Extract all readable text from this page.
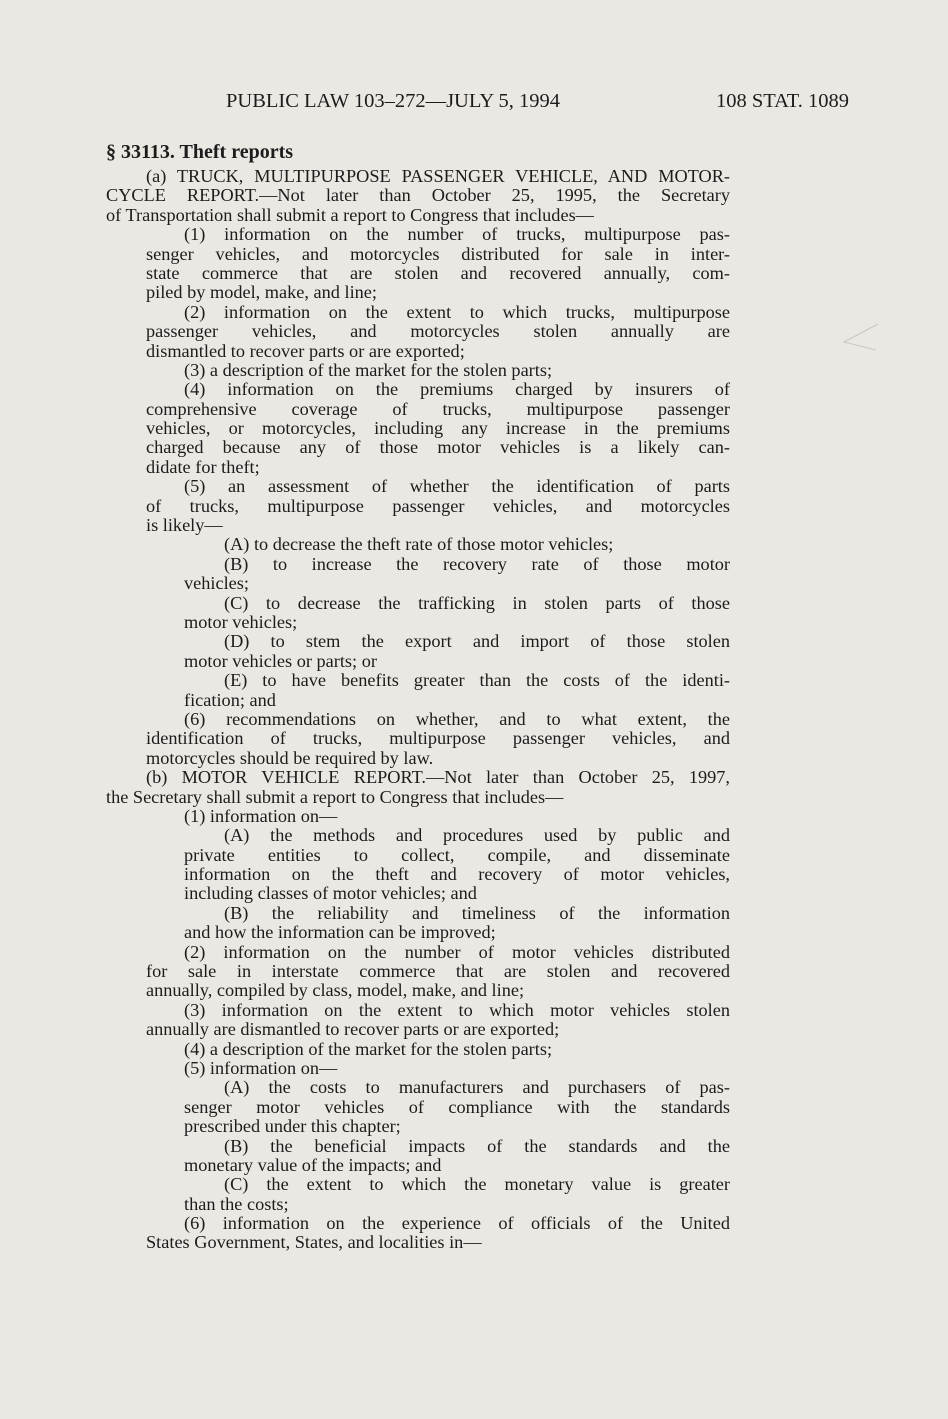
PUBLIC LAW 103–272—JULY 5, 1994	108 STAT. 1089
§ 33113. Theft reports
(a) TRUCK, MULTIPURPOSE PASSENGER VEHICLE, AND MOTOR-
CYCLE REPORT.—Not later than October 25, 1995, the Secretary
of Transportation shall submit a report to Congress that includes—
(1) information on the number of trucks, multipurpose pas-
senger vehicles, and motorcycles distributed for sale in inter-
state commerce that are stolen and recovered annually, com-
piled by model, make, and line;
(2) information on the extent to which trucks, multipurpose
passenger vehicles, and motorcycles stolen annually are
dismantled to recover parts or are exported;
(3) a description of the market for the stolen parts;
(4) information on the premiums charged by insurers of
comprehensive coverage of trucks, multipurpose passenger
vehicles, or motorcycles, including any increase in the premiums
charged because any of those motor vehicles is a likely can-
didate for theft;
(5) an assessment of whether the identification of parts
of trucks, multipurpose passenger vehicles, and motorcycles
is likely—
(A) to decrease the theft rate of those motor vehicles;
(B) to increase the recovery rate of those motor
vehicles;
(C) to decrease the trafficking in stolen parts of those
motor vehicles;
(D) to stem the export and import of those stolen
motor vehicles or parts; or
(E) to have benefits greater than the costs of the identi-
fication; and
(6) recommendations on whether, and to what extent, the
identification of trucks, multipurpose passenger vehicles, and
motorcycles should be required by law.
(b) MOTOR VEHICLE REPORT.—Not later than October 25, 1997,
the Secretary shall submit a report to Congress that includes—
(1) information on—
(A) the methods and procedures used by public and
private entities to collect, compile, and disseminate
information on the theft and recovery of motor vehicles,
including classes of motor vehicles; and
(B) the reliability and timeliness of the information
and how the information can be improved;
(2) information on the number of motor vehicles distributed
for sale in interstate commerce that are stolen and recovered
annually, compiled by class, model, make, and line;
(3) information on the extent to which motor vehicles stolen
annually are dismantled to recover parts or are exported;
(4) a description of the market for the stolen parts;
(5) information on—
(A) the costs to manufacturers and purchasers of pas-
senger motor vehicles of compliance with the standards
prescribed under this chapter;
(B) the beneficial impacts of the standards and the
monetary value of the impacts; and
(C) the extent to which the monetary value is greater
than the costs;
(6) information on the experience of officials of the United
States Government, States, and localities in—
